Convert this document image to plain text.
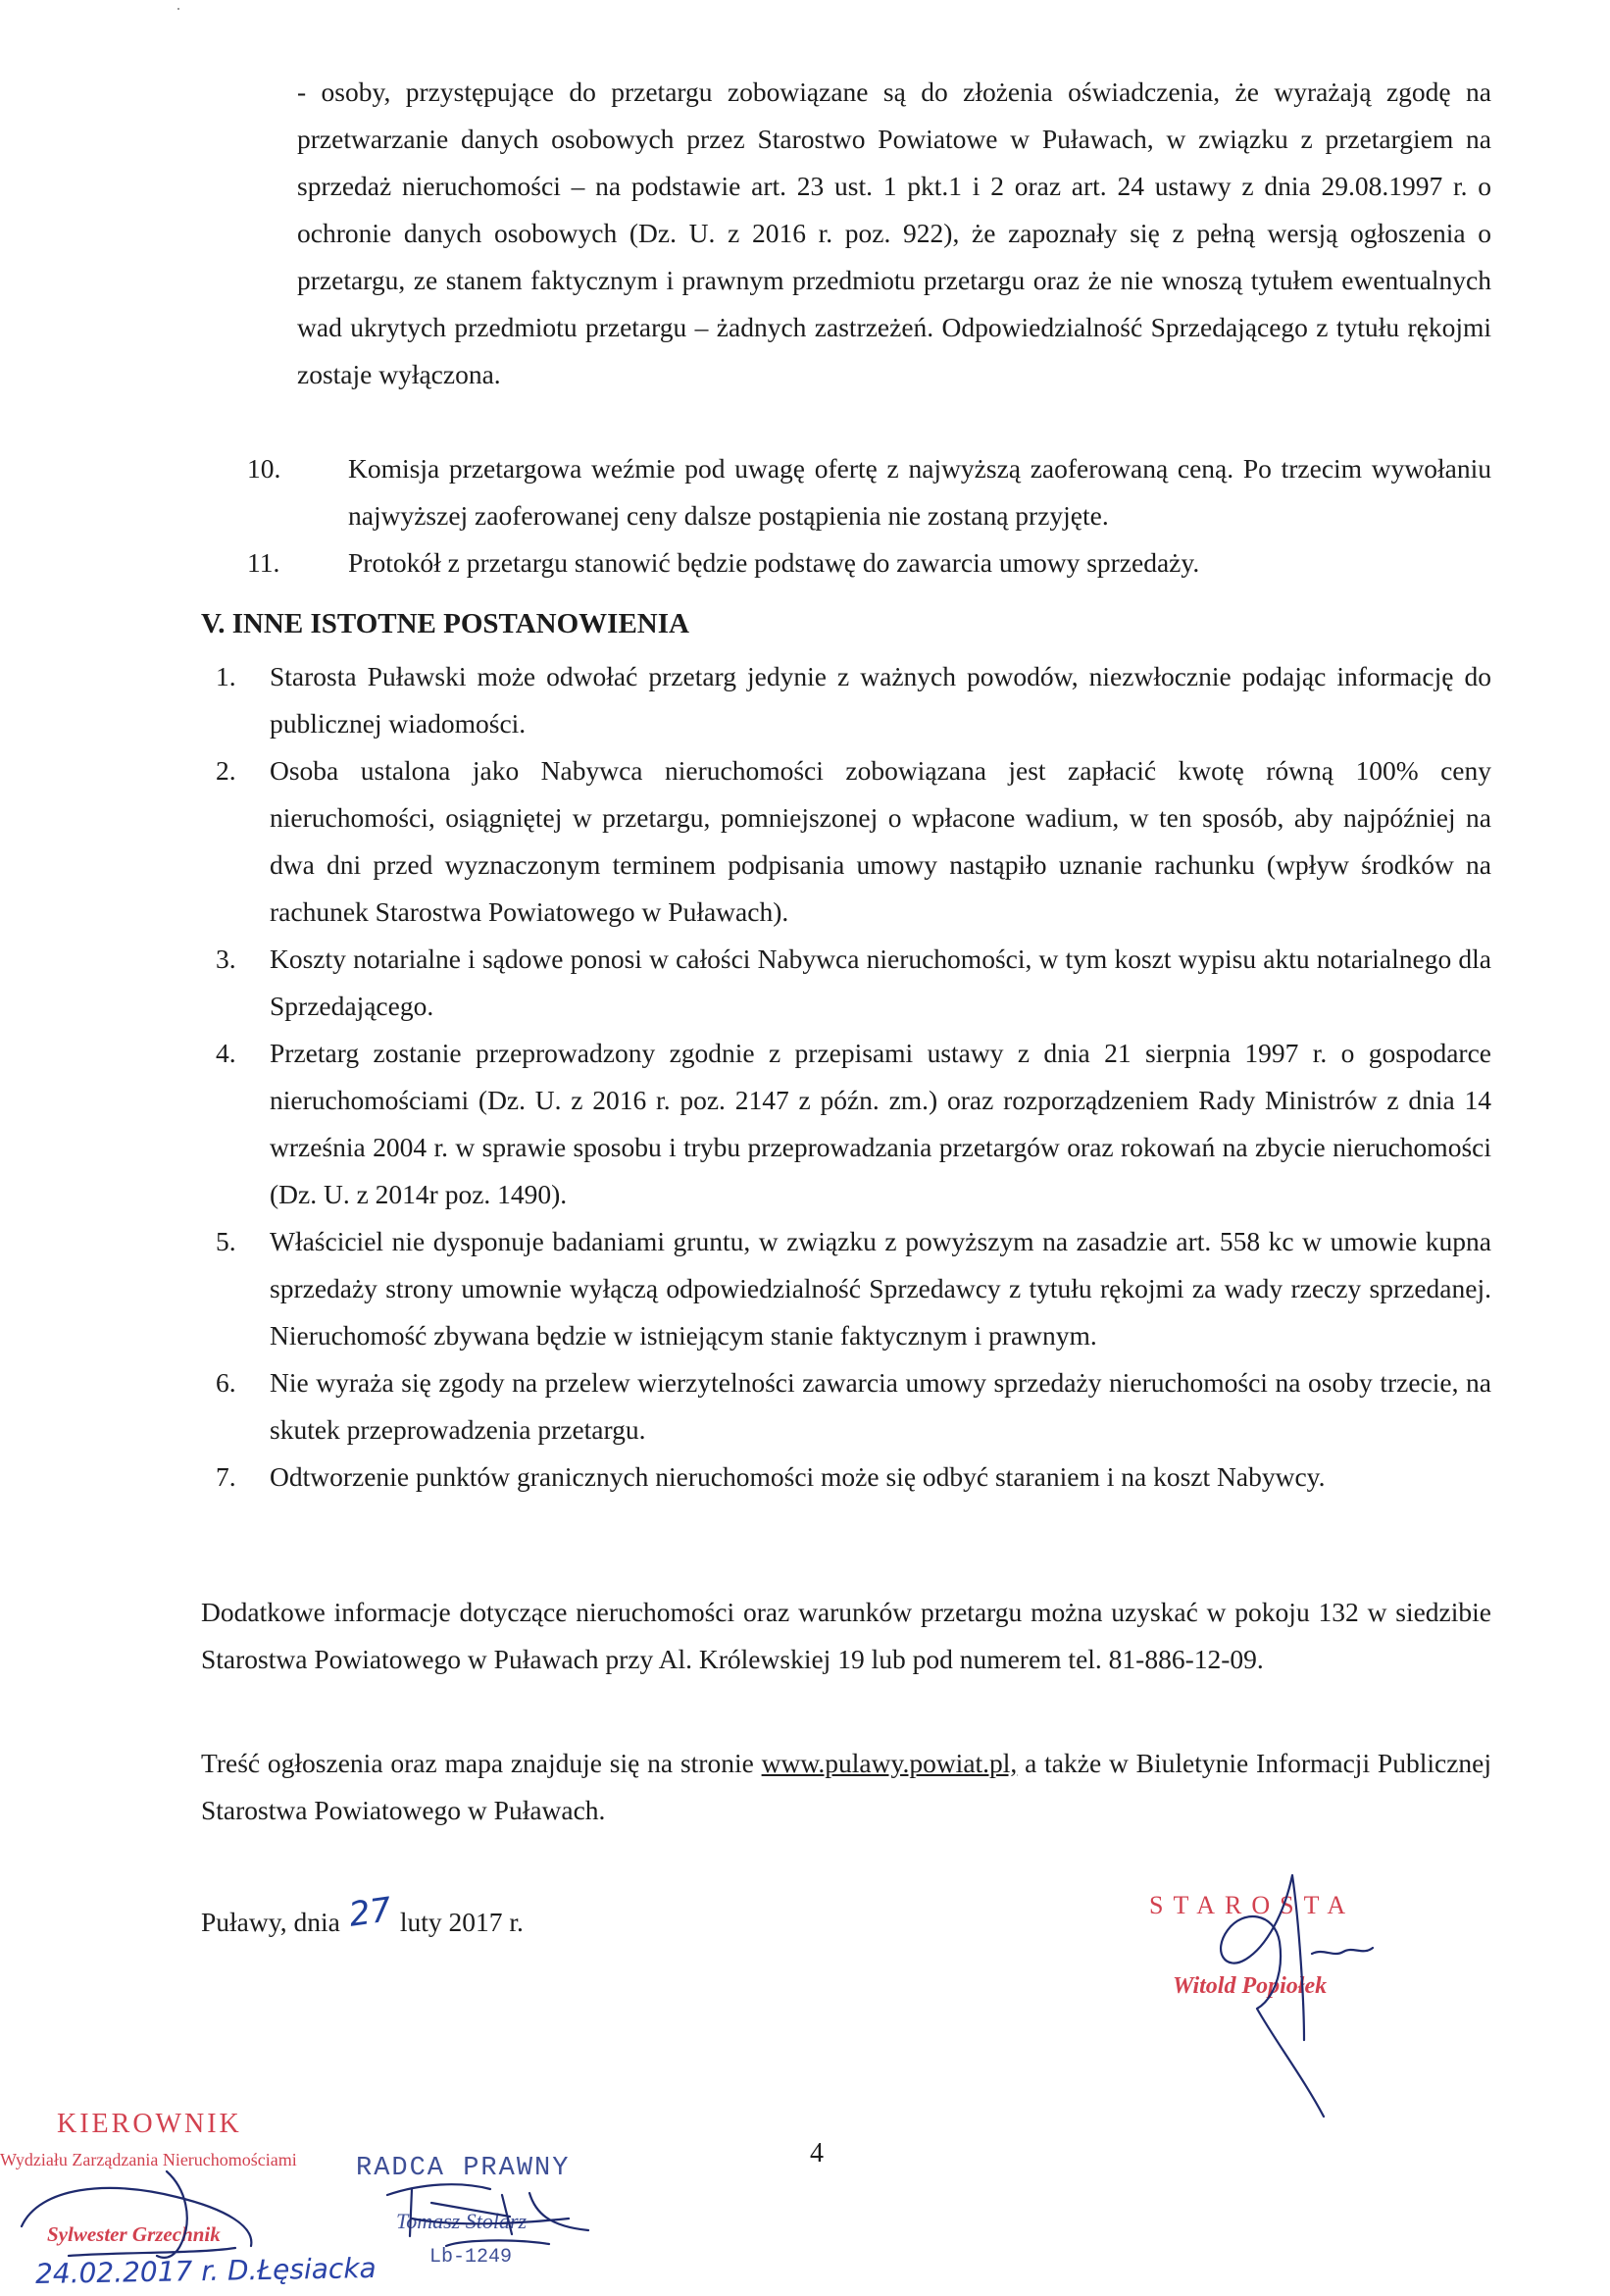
- osoby, przystępujące do przetargu zobowiązane są do złożenia oświadczenia, że wyrażają zgodę na przetwarzanie danych osobowych przez Starostwo Powiatowe w Puławach, w związku z przetargiem na sprzedaż nieruchomości – na podstawie art. 23 ust. 1 pkt.1 i 2 oraz art. 24 ustawy z dnia 29.08.1997 r. o ochronie danych osobowych (Dz. U. z 2016 r. poz. 922), że zapoznały się z pełną wersją ogłoszenia o przetargu, ze stanem faktycznym i prawnym przedmiotu przetargu oraz że nie wnoszą tytułem ewentualnych wad ukrytych przedmiotu przetargu – żadnych zastrzeżeń. Odpowiedzialność Sprzedającego z tytułu rękojmi zostaje wyłączona.
10.	Komisja przetargowa weźmie pod uwagę ofertę z najwyższą zaoferowaną ceną. Po trzecim wywołaniu najwyższej zaoferowanej ceny dalsze postąpienia nie zostaną przyjęte.
11.	Protokół z przetargu stanowić będzie podstawę do zawarcia umowy sprzedaży.
V. INNE ISTOTNE POSTANOWIENIA
1.	Starosta Puławski może odwołać przetarg jedynie z ważnych powodów, niezwłocznie podając informację do publicznej wiadomości.
2.	Osoba ustalona jako Nabywca nieruchomości zobowiązana jest zapłacić kwotę równą 100% ceny nieruchomości, osiągniętej w przetargu, pomniejszonej o wpłacone wadium, w ten sposób, aby najpóźniej na dwa dni przed wyznaczonym terminem podpisania umowy nastąpiło uznanie rachunku (wpływ środków na rachunek Starostwa Powiatowego w Puławach).
3.	Koszty notarialne i sądowe ponosi w całości Nabywca nieruchomości, w tym koszt wypisu aktu notarialnego dla Sprzedającego.
4.	Przetarg zostanie przeprowadzony zgodnie z przepisami ustawy z dnia 21 sierpnia 1997 r. o gospodarce nieruchomościami (Dz. U. z 2016 r. poz. 2147 z późn. zm.) oraz rozporządzeniem Rady Ministrów z dnia 14 września 2004 r. w sprawie sposobu i trybu przeprowadzania przetargów oraz rokowań na zbycie nieruchomości (Dz. U. z 2014r poz. 1490).
5.	Właściciel nie dysponuje badaniami gruntu, w związku z powyższym na zasadzie art. 558 kc w umowie kupna sprzedaży strony umownie wyłączą odpowiedzialność Sprzedawcy z tytułu rękojmi za wady rzeczy sprzedanej. Nieruchomość zbywana będzie w istniejącym stanie faktycznym i prawnym.
6.	Nie wyraża się zgody na przelew wierzytelności zawarcia umowy sprzedaży nieruchomości na osoby trzecie, na skutek przeprowadzenia przetargu.
7.	Odtworzenie punktów granicznych nieruchomości może się odbyć staraniem i na koszt Nabywcy.
Dodatkowe informacje dotyczące nieruchomości oraz warunków przetargu można uzyskać w pokoju 132 w siedzibie Starostwa Powiatowego w Puławach przy Al. Królewskiej 19 lub pod numerem tel. 81-886-12-09.
Treść ogłoszenia oraz mapa znajduje się na stronie www.pulawy.powiat.pl, a także w Biuletynie Informacji Publicznej Starostwa Powiatowego w Puławach.
Puławy, dnia 27 luty 2017 r.
4
STAROSTA
Witold Popiołek
KIEROWNIK
Wydziału Zarządzania Nieruchomościami
Sylwester Grzechnik
RADCA PRAWNY
Tomasz Stolarz
Lb-1249
24.02.2017 r. D.Łęsiacka
